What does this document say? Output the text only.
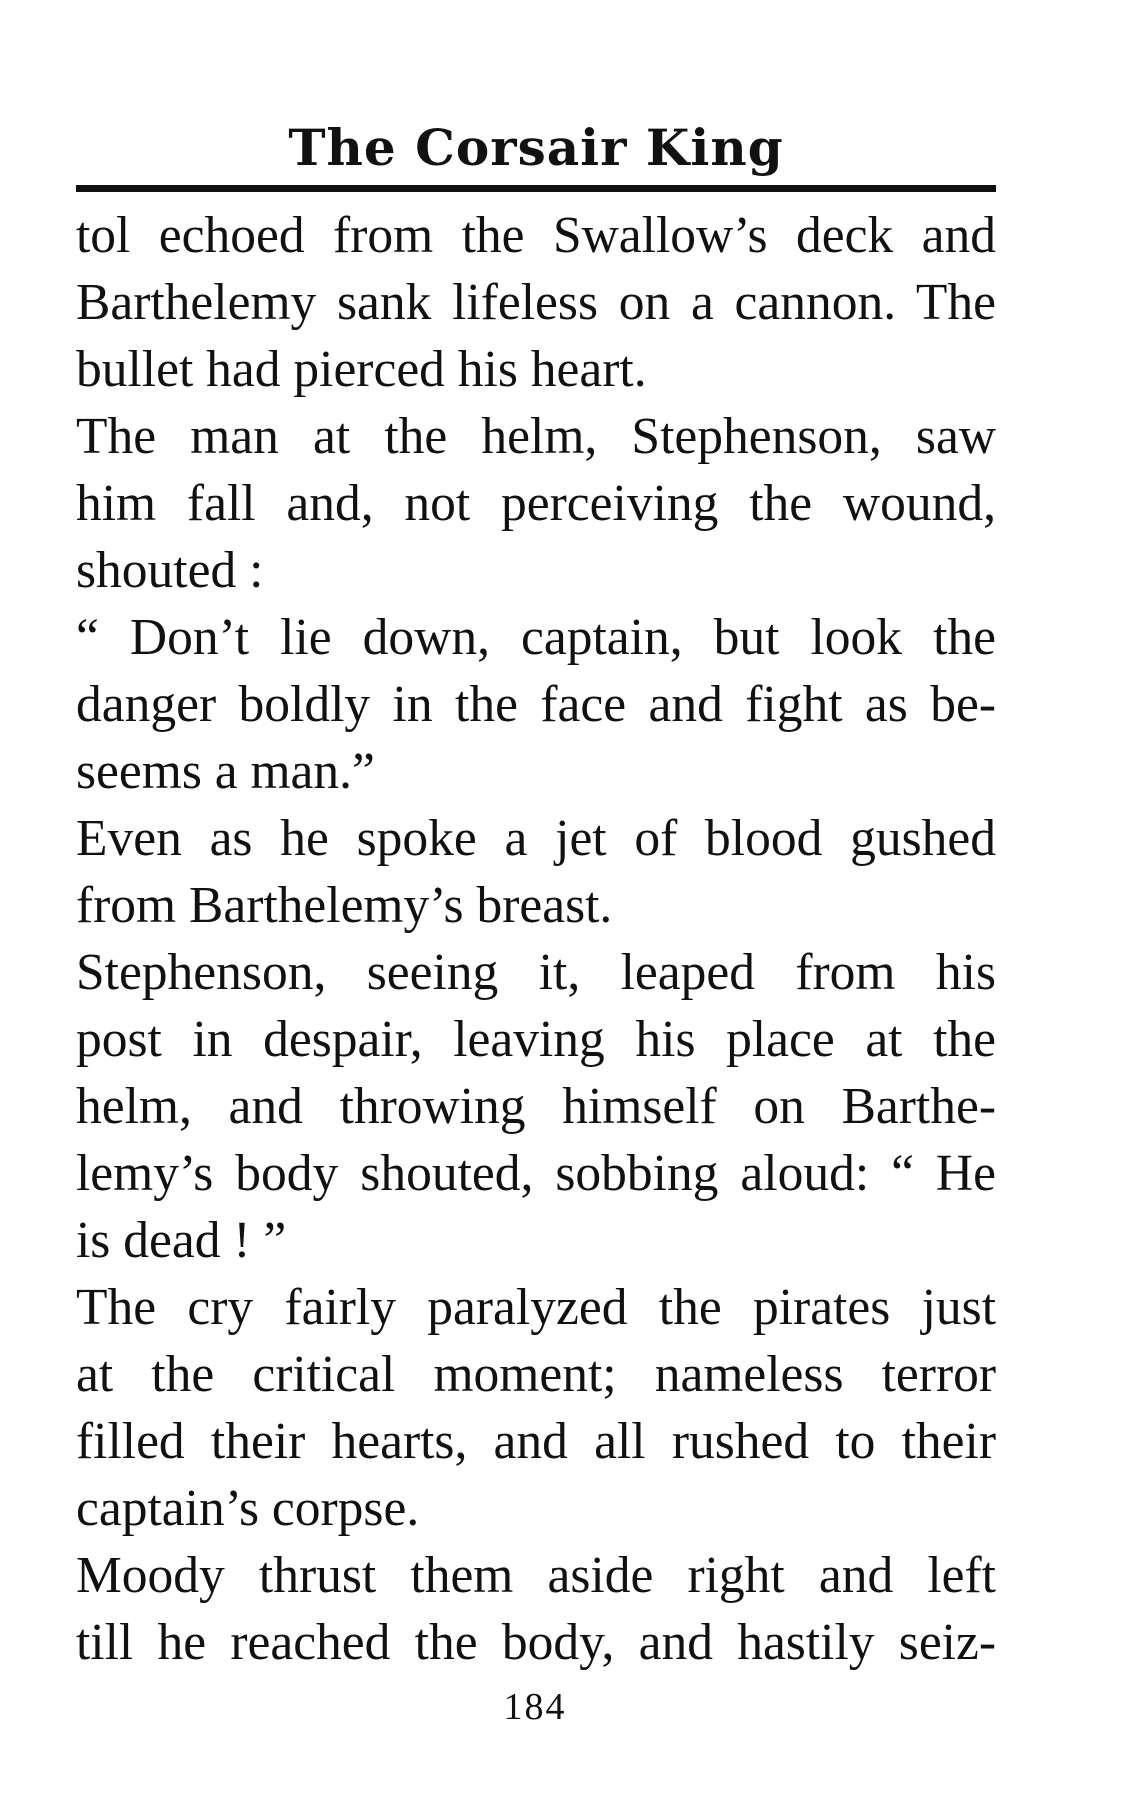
The Corsair King
tol echoed from the Swallow’s deck and
Barthelemy sank lifeless on a cannon. The
bullet had pierced his heart.
The man at the helm, Stephenson, saw
him fall and, not perceiving the wound,
shouted :
“ Don’t lie down, captain, but look the
danger boldly in the face and fight as be-
seems a man.”
Even as he spoke a jet of blood gushed
from Barthelemy’s breast.
Stephenson, seeing it, leaped from his
post in despair, leaving his place at the
helm, and throwing himself on Barthe-
lemy’s body shouted, sobbing aloud: “ He
is dead ! ”
The cry fairly paralyzed the pirates just
at the critical moment; nameless terror
filled their hearts, and all rushed to their
captain’s corpse.
Moody thrust them aside right and left
till he reached the body, and hastily seiz-
184
